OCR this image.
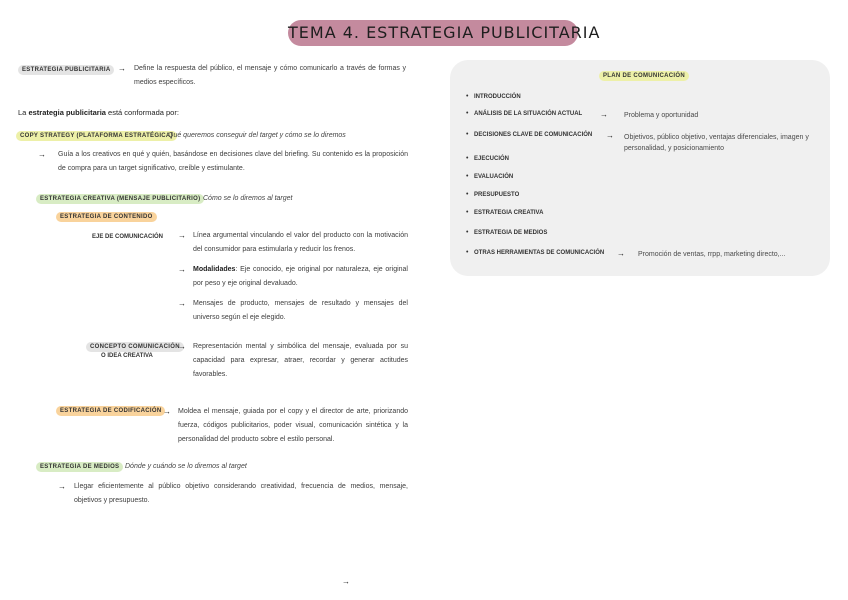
TEMA 4. ESTRATEGIA PUBLICITARIA
ESTRATEGIA PUBLICITARIA → Define la respuesta del público, el mensaje y cómo comunicarlo a través de formas y medios específicos.
La estrategia publicitaria está conformada por:
COPY STRATEGY (PLATAFORMA ESTRATÉGICA)
Qué queremos conseguir del target y cómo se lo diremos
→ Guía a los creativos en qué y quién, basándose en decisiones clave del briefing. Su contenido es la proposición de compra para un target significativo, creíble y estimulante.
ESTRATEGIA CREATIVA (MENSAJE PUBLICITARIO) Cómo se lo diremos al target
ESTRATEGIA DE CONTENIDO
EJE DE COMUNICACIÓN → Línea argumental vinculando el valor del producto con la motivación del consumidor para estimularla y reducir los frenos.
→ Modalidades: Eje conocido, eje original por naturaleza, eje original por peso y eje original devaluado.
→ Mensajes de producto, mensajes de resultado y mensajes del universo según el eje elegido.
CONCEPTO COMUNICACIÓN
O IDEA CREATIVA
→ Representación mental y simbólica del mensaje, evaluada por su capacidad para expresar, atraer, recordar y generar actitudes favorables.
ESTRATEGIA DE CODIFICACIÓN → Moldea el mensaje, guiada por el copy y el director de arte, priorizando fuerza, códigos publicitarios, poder visual, comunicación sintética y la personalidad del producto sobre el estilo personal.
ESTRATEGIA DE MEDIOS Dónde y cuándo se lo diremos al target
→ Llegar eficientemente al público objetivo considerando creatividad, frecuencia de medios, mensaje, objetivos y presupuesto.
→
PLAN DE COMUNICACIÓN
• INTRODUCCIÓN
• ANÁLISIS DE LA SITUACIÓN ACTUAL → Problema y oportunidad
• DECISIONES CLAVE DE COMUNICACIÓN → Objetivos, público objetivo, ventajas diferenciales, imagen y personalidad, y posicionamiento
• EJECUCIÓN
• EVALUACIÓN
• PRESUPUESTO
• ESTRATEGIA CREATIVA
• ESTRATEGIA DE MEDIOS
• OTRAS HERRAMIENTAS DE COMUNICACIÓN → Promoción de ventas, rrpp, marketing directo,...
